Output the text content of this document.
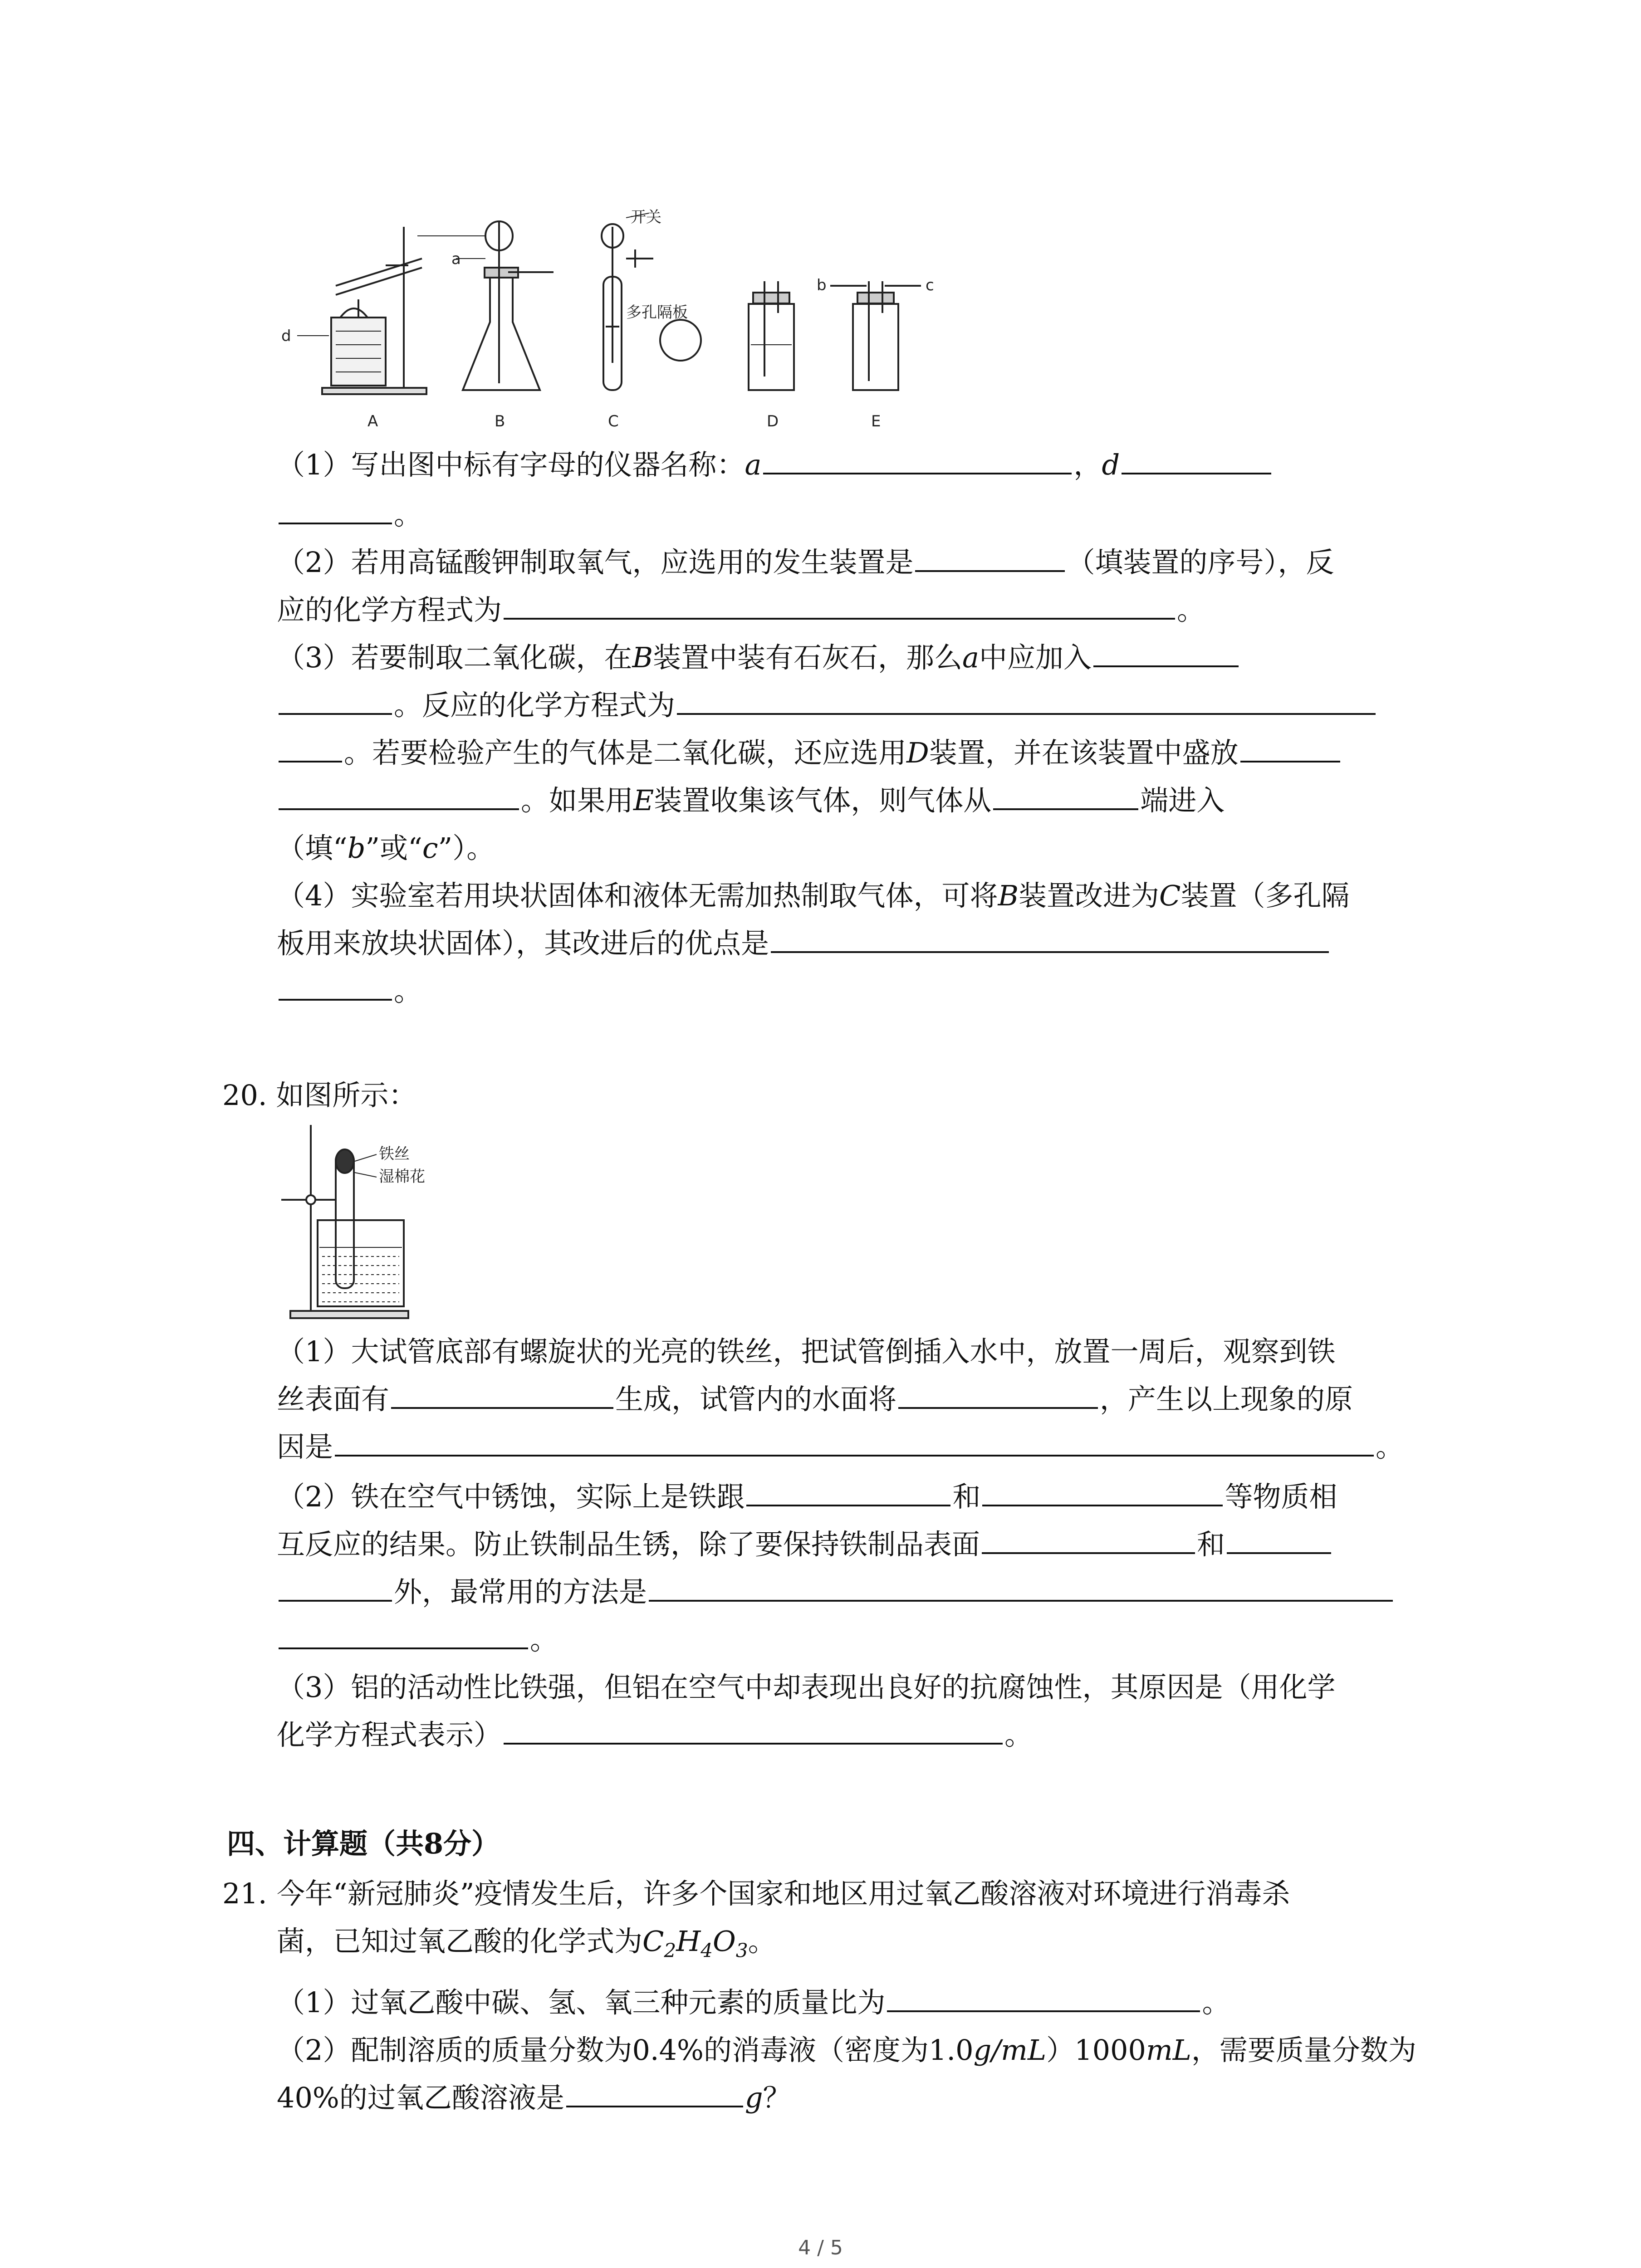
d
a
开关
多孔隔板
b	c
A	B	C	D	E
（1）写出图中标有字母的仪器名称：a	，d
。
（2）若用高锰酸钾制取氧气，应选用的发生装置是	（填装置的序号），反
应的化学方程式为	。
（3）若要制取二氧化碳，在B装置中装有石灰石，那么a中应加入
。反应的化学方程式为
。若要检验产生的气体是二氧化碳，还应选用D装置，并在该装置中盛放
。如果用E装置收集该气体，则气体从	端进入
（填“b”或“c”）。
（4）实验室若用块状固体和液体无需加热制取气体，可将B装置改进为C装置（多孔隔
板用来放块状固体），其改进后的优点是
。
20. 如图所示：
铁丝
湿棉花
（1）大试管底部有螺旋状的光亮的铁丝，把试管倒插入水中，放置一周后，观察到铁
丝表面有	生成，试管内的水面将	，产生以上现象的原
因是	。
（2）铁在空气中锈蚀，实际上是铁跟	和	等物质相
互反应的结果。防止铁制品生锈，除了要保持铁制品表面	和
外，最常用的方法是
。
（3）铝的活动性比铁强，但铝在空气中却表现出良好的抗腐蚀性，其原因是（用化学
化学方程式表示）	。
四、计算题（共8分）
21. 今年“新冠肺炎”疫情发生后，许多个国家和地区用过氧乙酸溶液对环境进行消毒杀
菌，已知过氧乙酸的化学式为$C_2H_4O_3$。
（1）过氧乙酸中碳、氢、氧三种元素的质量比为	。
（2）配制溶质的质量分数为0.4%的消毒液（密度为1.0g/mL）1000mL，需要质量分数为
40%的过氧乙酸溶液是	g？
4 / 5
